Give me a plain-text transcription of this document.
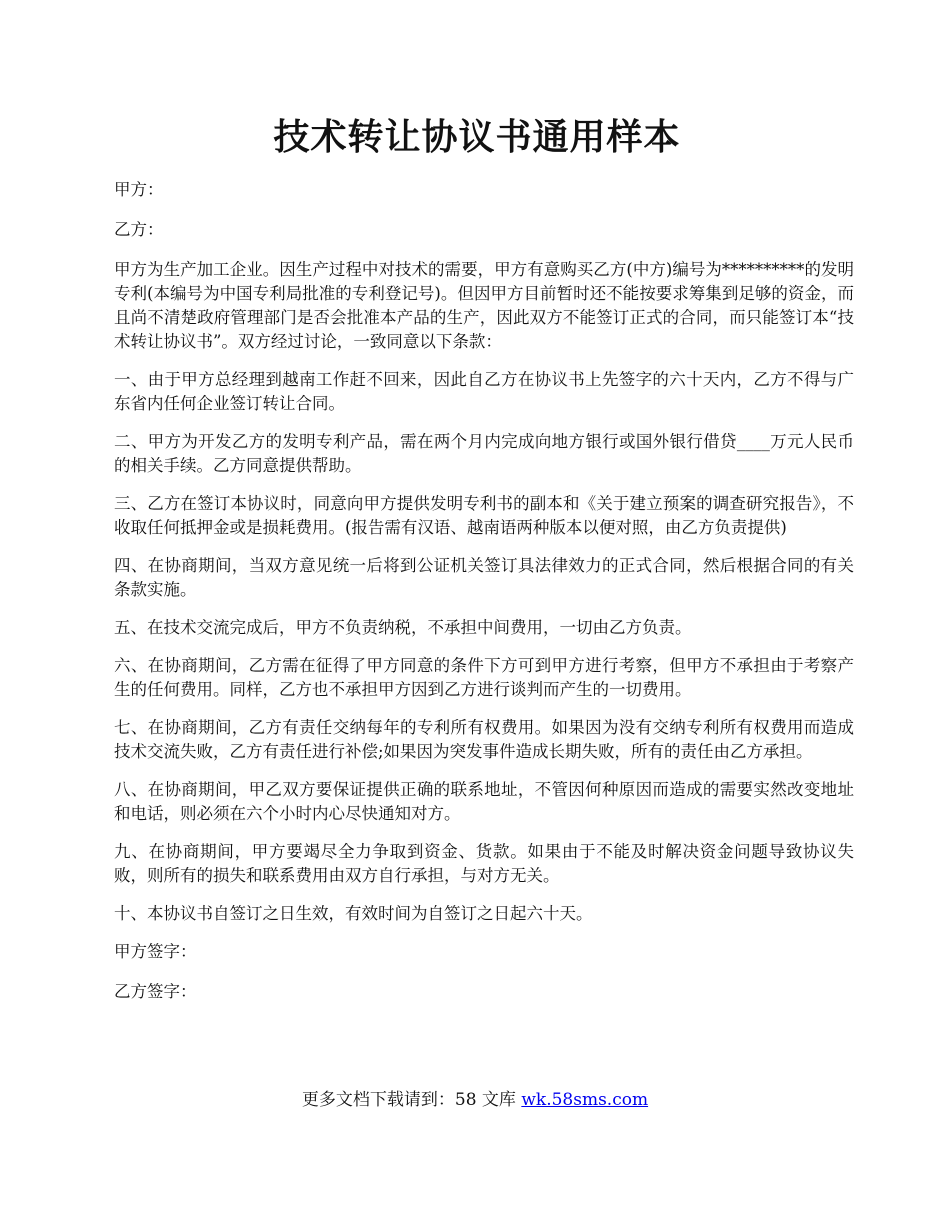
技术转让协议书通用样本

甲方：

乙方：

甲方为生产加工企业。因生产过程中对技术的需要，甲方有意购买乙方(中方)编号为**********的发明专利(本编号为中国专利局批准的专利登记号)。但因甲方目前暂时还不能按要求筹集到足够的资金，而且尚不清楚政府管理部门是否会批准本产品的生产，因此双方不能签订正式的合同，而只能签订本“技术转让协议书”。双方经过讨论，一致同意以下条款：

一、由于甲方总经理到越南工作赶不回来，因此自乙方在协议书上先签字的六十天内，乙方不得与广东省内任何企业签订转让合同。

二、甲方为开发乙方的发明专利产品，需在两个月内完成向地方银行或国外银行借贷____万元人民币的相关手续。乙方同意提供帮助。

三、乙方在签订本协议时，同意向甲方提供发明专利书的副本和《关于建立预案的调查研究报告》，不收取任何抵押金或是损耗费用。(报告需有汉语、越南语两种版本以便对照，由乙方负责提供)

四、在协商期间，当双方意见统一后将到公证机关签订具法律效力的正式合同，然后根据合同的有关条款实施。

五、在技术交流完成后，甲方不负责纳税，不承担中间费用，一切由乙方负责。

六、在协商期间，乙方需在征得了甲方同意的条件下方可到甲方进行考察，但甲方不承担由于考察产生的任何费用。同样，乙方也不承担甲方因到乙方进行谈判而产生的一切费用。

七、在协商期间，乙方有责任交纳每年的专利所有权费用。如果因为没有交纳专利所有权费用而造成技术交流失败，乙方有责任进行补偿;如果因为突发事件造成长期失败，所有的责任由乙方承担。

八、在协商期间，甲乙双方要保证提供正确的联系地址，不管因何种原因而造成的需要实然改变地址和电话，则必须在六个小时内心尽快通知对方。

九、在协商期间，甲方要竭尽全力争取到资金、货款。如果由于不能及时解决资金问题导致协议失败，则所有的损失和联系费用由双方自行承担，与对方无关。

十、本协议书自签订之日生效，有效时间为自签订之日起六十天。

甲方签字：

乙方签字：

更多文档下载请到：58 文库 wk.58sms.com
